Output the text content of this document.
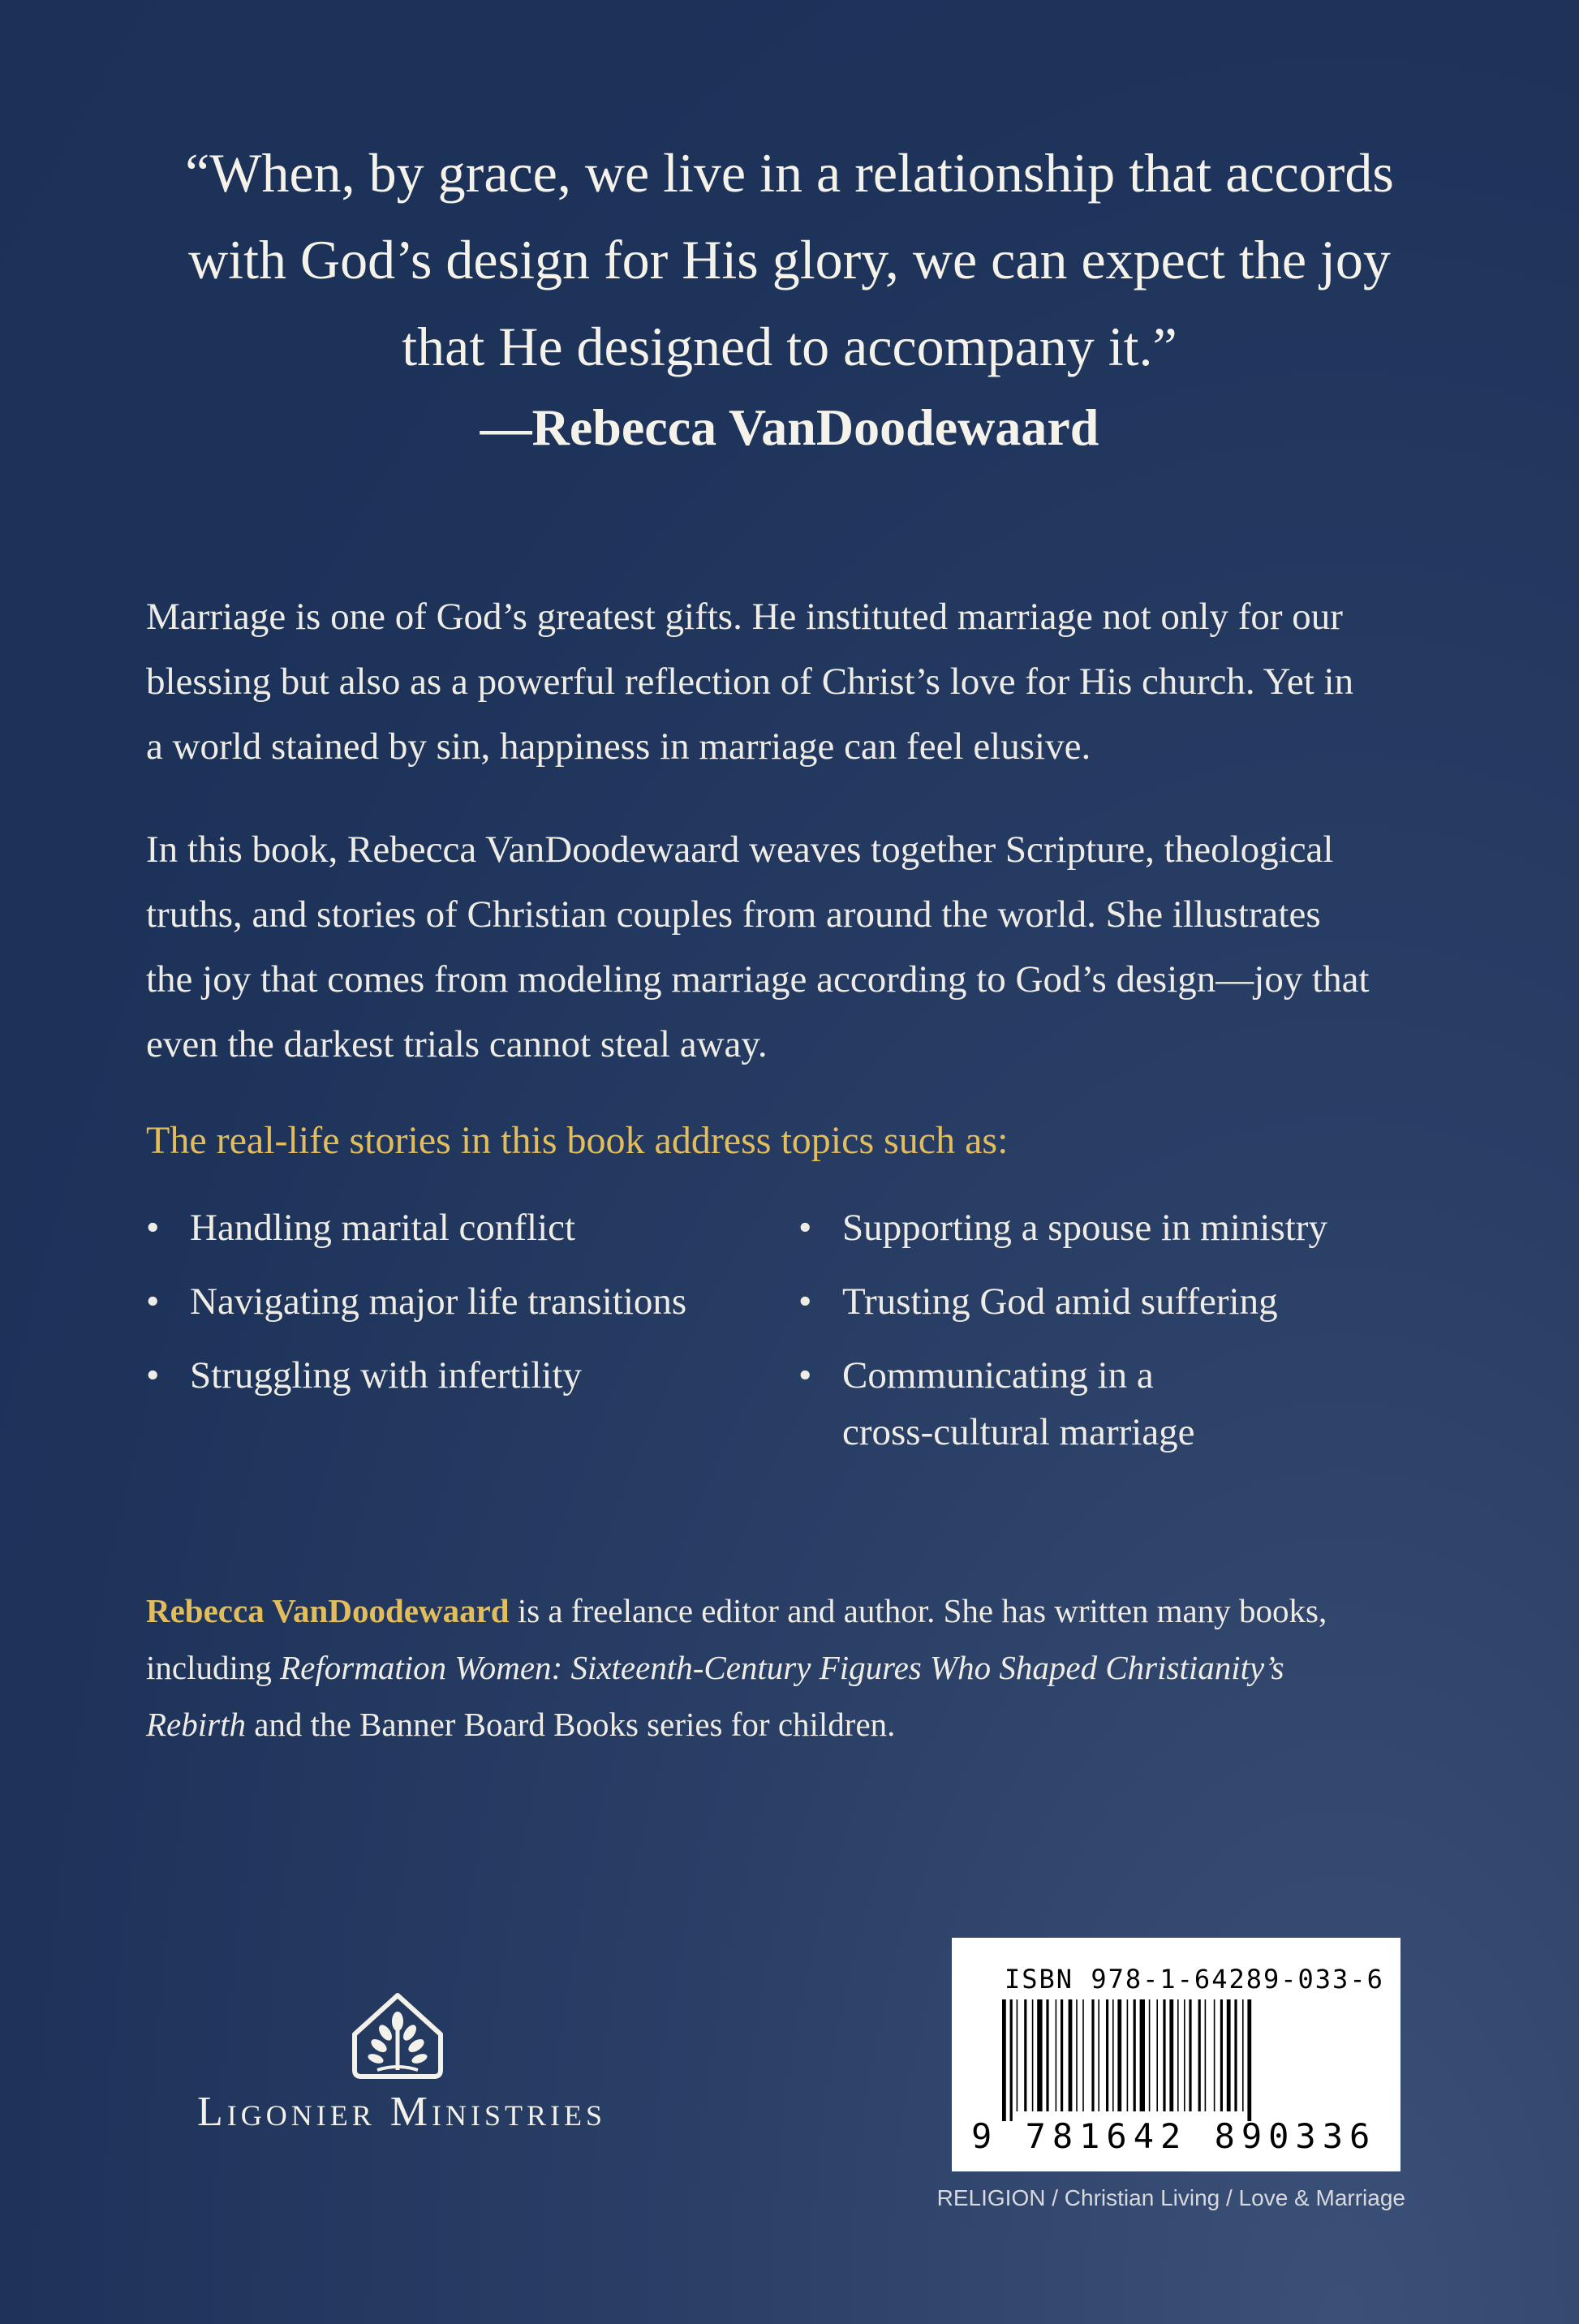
“When, by grace, we live in a relationship that accords
with God’s design for His glory, we can expect the joy
that He designed to accompany it.”
—Rebecca VanDoodewaard
Marriage is one of God’s greatest gifts. He instituted marriage not only for our
blessing but also as a powerful reflection of Christ’s love for His church. Yet in
a world stained by sin, happiness in marriage can feel elusive.
In this book, Rebecca VanDoodewaard weaves together Scripture, theological
truths, and stories of Christian couples from around the world. She illustrates
the joy that comes from modeling marriage according to God’s design—joy that
even the darkest trials cannot steal away.
The real-life stories in this book address topics such as:
• Handling marital conflict
• Navigating major life transitions
• Struggling with infertility
• Supporting a spouse in ministry
• Trusting God amid suffering
• Communicating in a
cross-cultural marriage
Rebecca VanDoodewaard is a freelance editor and author. She has written many books,
including Reformation Women: Sixteenth-Century Figures Who Shaped Christianity’s
Rebirth and the Banner Board Books series for children.
Ligonier Ministries
ISBN 978-1-64289-033-6
9 781642 890336
RELIGION / Christian Living / Love & Marriage
